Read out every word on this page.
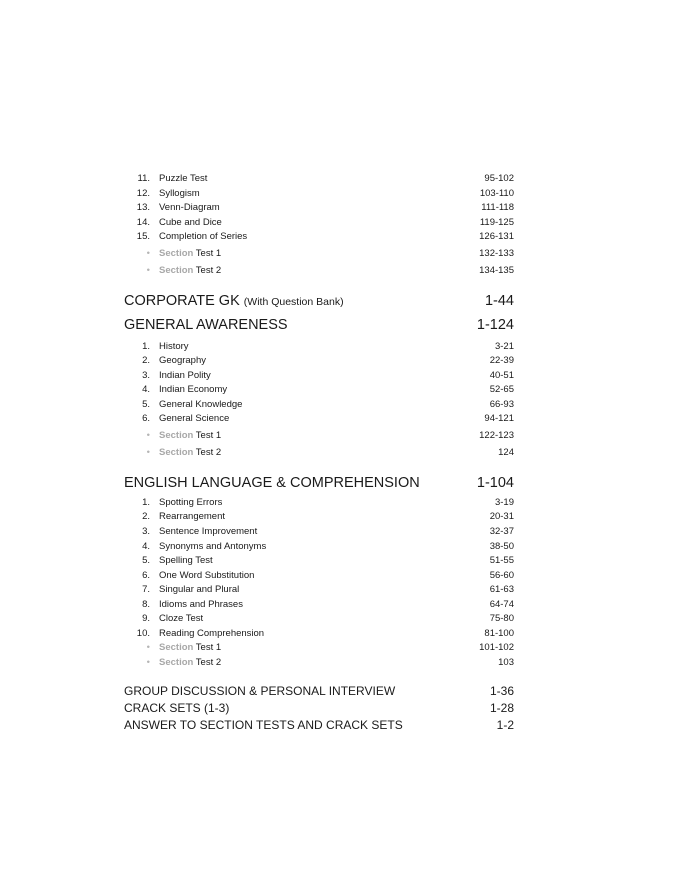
11. Puzzle Test	95-102
12. Syllogism	103-110
13. Venn-Diagram	111-118
14. Cube and Dice	119-125
15. Completion of Series	126-131
• Section Test 1	132-133
• Section Test 2	134-135
CORPORATE GK (With Question Bank)	1-44
GENERAL AWARENESS	1-124
1. History	3-21
2. Geography	22-39
3. Indian Polity	40-51
4. Indian Economy	52-65
5. General Knowledge	66-93
6. General Science	94-121
• Section Test 1	122-123
• Section Test 2	124
ENGLISH LANGUAGE & COMPREHENSION	1-104
1. Spotting Errors	3-19
2. Rearrangement	20-31
3. Sentence Improvement	32-37
4. Synonyms and Antonyms	38-50
5. Spelling Test	51-55
6. One Word Substitution	56-60
7. Singular and Plural	61-63
8. Idioms and Phrases	64-74
9. Cloze Test	75-80
10. Reading Comprehension	81-100
• Section Test 1	101-102
• Section Test 2	103
GROUP DISCUSSION & PERSONAL INTERVIEW	1-36
CRACK SETS (1-3)	1-28
ANSWER TO SECTION TESTS AND CRACK SETS	1-2
